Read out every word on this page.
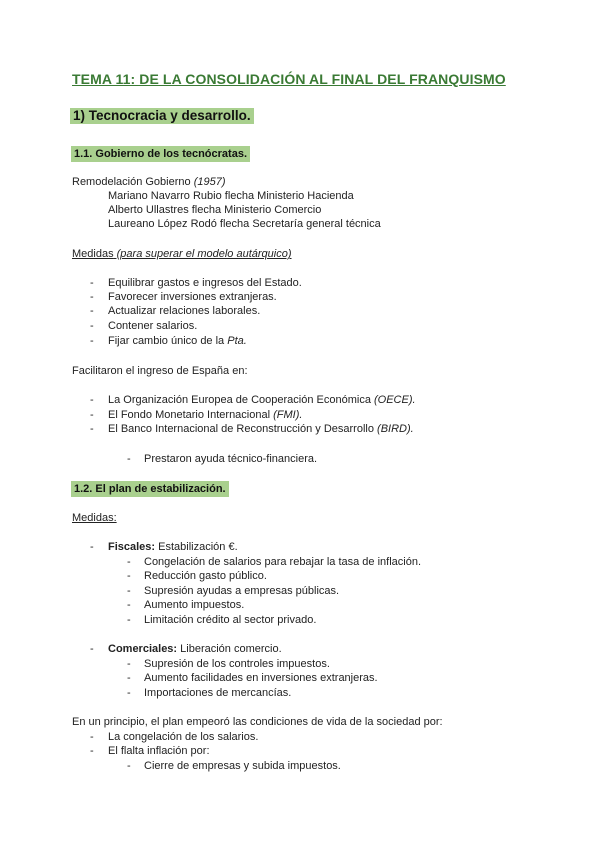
TEMA 11: DE LA CONSOLIDACIÓN AL FINAL DEL FRANQUISMO
1) Tecnocracia y desarrollo.
1.1. Gobierno de los tecnócratas.
Remodelación Gobierno (1957)
Mariano Navarro Rubio flecha Ministerio Hacienda
Alberto Ullastres flecha Ministerio Comercio
Laureano López Rodó flecha Secretaría general técnica
Medidas (para superar el modelo autárquico)
- Equilibrar gastos e ingresos del Estado.
- Favorecer inversiones extranjeras.
- Actualizar relaciones laborales.
- Contener salarios.
- Fijar cambio único de la Pta.
Facilitaron el ingreso de España en:
- La Organización Europea de Cooperación Económica (OECE).
- El Fondo Monetario Internacional (FMI).
- El Banco Internacional de Reconstrucción y Desarrollo (BIRD).
- Prestaron ayuda técnico-financiera.
1.2. El plan de estabilización.
Medidas:
- Fiscales: Estabilización €.
- Congelación de salarios para rebajar la tasa de inflación.
- Reducción gasto público.
- Supresión ayudas a empresas públicas.
- Aumento impuestos.
- Limitación crédito al sector privado.
- Comerciales: Liberación comercio.
- Supresión de los controles impuestos.
- Aumento facilidades en inversiones extranjeras.
- Importaciones de mercancías.
En un principio, el plan empeoró las condiciones de vida de la sociedad por:
- La congelación de los salarios.
- El flalta inflación por:
- Cierre de empresas y subida impuestos.
